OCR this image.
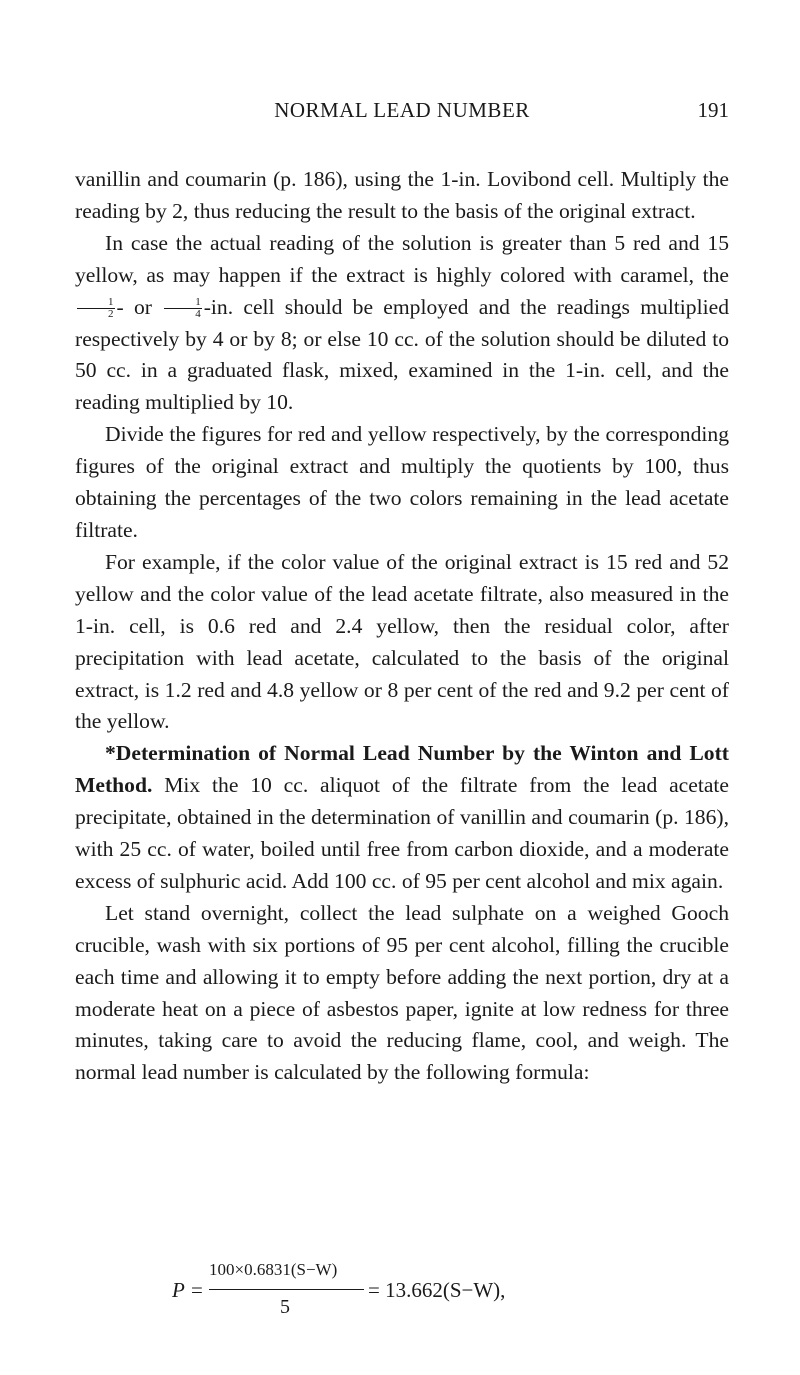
NORMAL LEAD NUMBER	191

vanillin and coumarin (p. 186), using the 1-in. Lovibond cell. Multiply the reading by 2, thus reducing the result to the basis of the original extract.

In case the actual reading of the solution is greater than 5 red and 15 yellow, as may happen if the extract is highly colored with caramel, the
$\frac{1}{2}$ - or $\frac{1}{4} -in$. cell should be employed and the readings multiplied respectively by 4 or by 8; or else 10 cc. of the solution should be diluted to 50 cc. in a graduated flask, mixed, examined in the 1-in. cell, and the reading multiplied by 10.

Divide the figures for red and yellow respectively, by the corresponding figures of the original extract and multiply the quotients by 100, thus obtaining the percentages of the two colors remaining in the lead acetate filtrate.

For example, if the color value of the original extract is 15 red and 52 yellow and the color value of the lead acetate filtrate, also measured in the 1-in. cell, is 0.6 red and 2.4 yellow, then the residual color, after precipitation with lead acetate, calculated to the basis of the original extract, is 1.2 red and 4.8 yellow or 8 per cent of the red and 9.2 per cent of the yellow.

*Determination of Normal Lead Number by the Winton and Lott Method. Mix the 10 cc. aliquot of the filtrate from the lead acetate precipitate, obtained in the determination of vanillin and coumarin (p. 186), with 25 cc. of water, boiled until free from carbon dioxide, and a moderate excess of sulphuric acid. Add 100 cc. of 95 per cent alcohol and mix again.

Let stand overnight, collect the lead sulphate on a weighed Gooch crucible, wash with six portions of 95 per cent alcohol, filling the crucible each time and allowing it to empty before adding the next portion, dry at a moderate heat on a piece of asbestos paper, ignite at low redness for three minutes, taking care to avoid the reducing flame, cool, and weigh. The normal lead number is calculated by the following formula:

P =
100×0.6831(S−W)
5
= 13.662(S−W),
